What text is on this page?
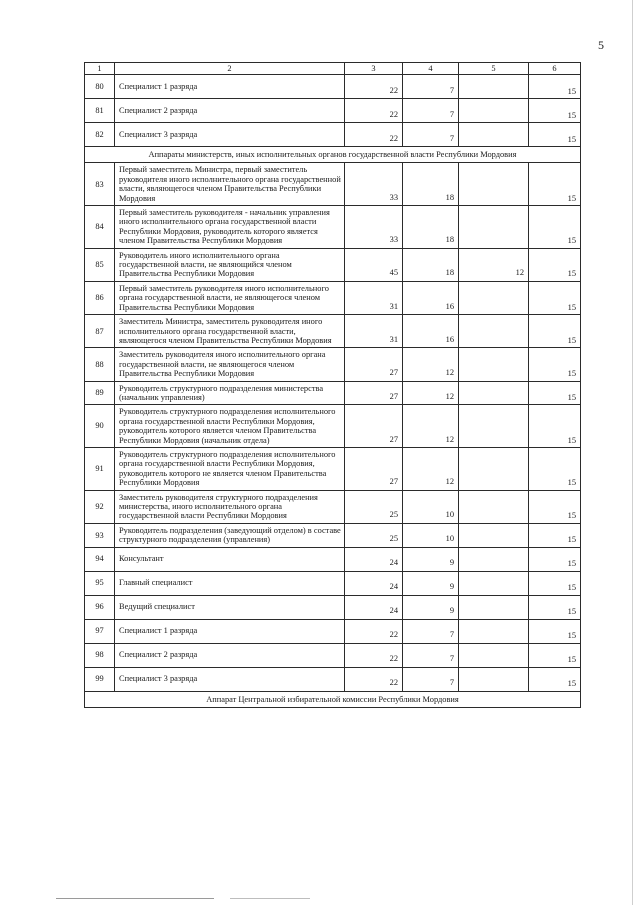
5
1	2	3	4	5	6
80	Специалист 1 разряда	22	7		15
81	Специалист 2 разряда	22	7		15
82	Специалист 3 разряда	22	7		15
Аппараты министерств, иных исполнительных органов государственной власти Республики Мордовия					
83	Первый заместитель Министра, первый заместитель руководителя иного исполнительного органа государственной власти, являющегося членом Правительства Республики Мордовия	33	18		15
84	Первый заместитель руководителя - начальник управления иного исполнительного органа государственной власти Республики Мордовия, руководитель которого является членом Правительства Республики Мордовия	33	18		15
85	Руководитель иного исполнительного органа государственной власти, не являющийся членом Правительства Республики Мордовия	45	18	12	15
86	Первый заместитель руководителя иного исполнительного органа государственной власти, не являющегося членом Правительства Республики Мордовия	31	16		15
87	Заместитель Министра, заместитель руководителя иного исполнительного органа государственной власти, являющегося членом Правительства Республики Мордовия	31	16		15
88	Заместитель руководителя иного исполнительного органа государственной власти, не являющегося членом Правительства Республики Мордовия	27	12		15
89	Руководитель структурного подразделения министерства (начальник управления)	27	12		15
90	Руководитель структурного подразделения исполнительного органа государственной власти Республики Мордовия, руководитель которого является членом Правительства Республики Мордовия (начальник отдела)	27	12		15
91	Руководитель структурного подразделения исполнительного органа государственной власти Республики Мордовия, руководитель которого не является членом Правительства Республики Мордовия	27	12		15
92	Заместитель руководителя структурного подразделения министерства, иного исполнительного органа государственной власти Республики Мордовия	25	10		15
93	Руководитель подразделения (заведующий отделом) в составе структурного подразделения (управления)	25	10		15
94	Консультант	24	9		15
95	Главный специалист	24	9		15
96	Ведущий специалист	24	9		15
97	Специалист 1 разряда	22	7		15
98	Специалист 2 разряда	22	7		15
99	Специалист 3 разряда	22	7		15
Аппарат Центральной избирательной комиссии Республики Мордовия					
